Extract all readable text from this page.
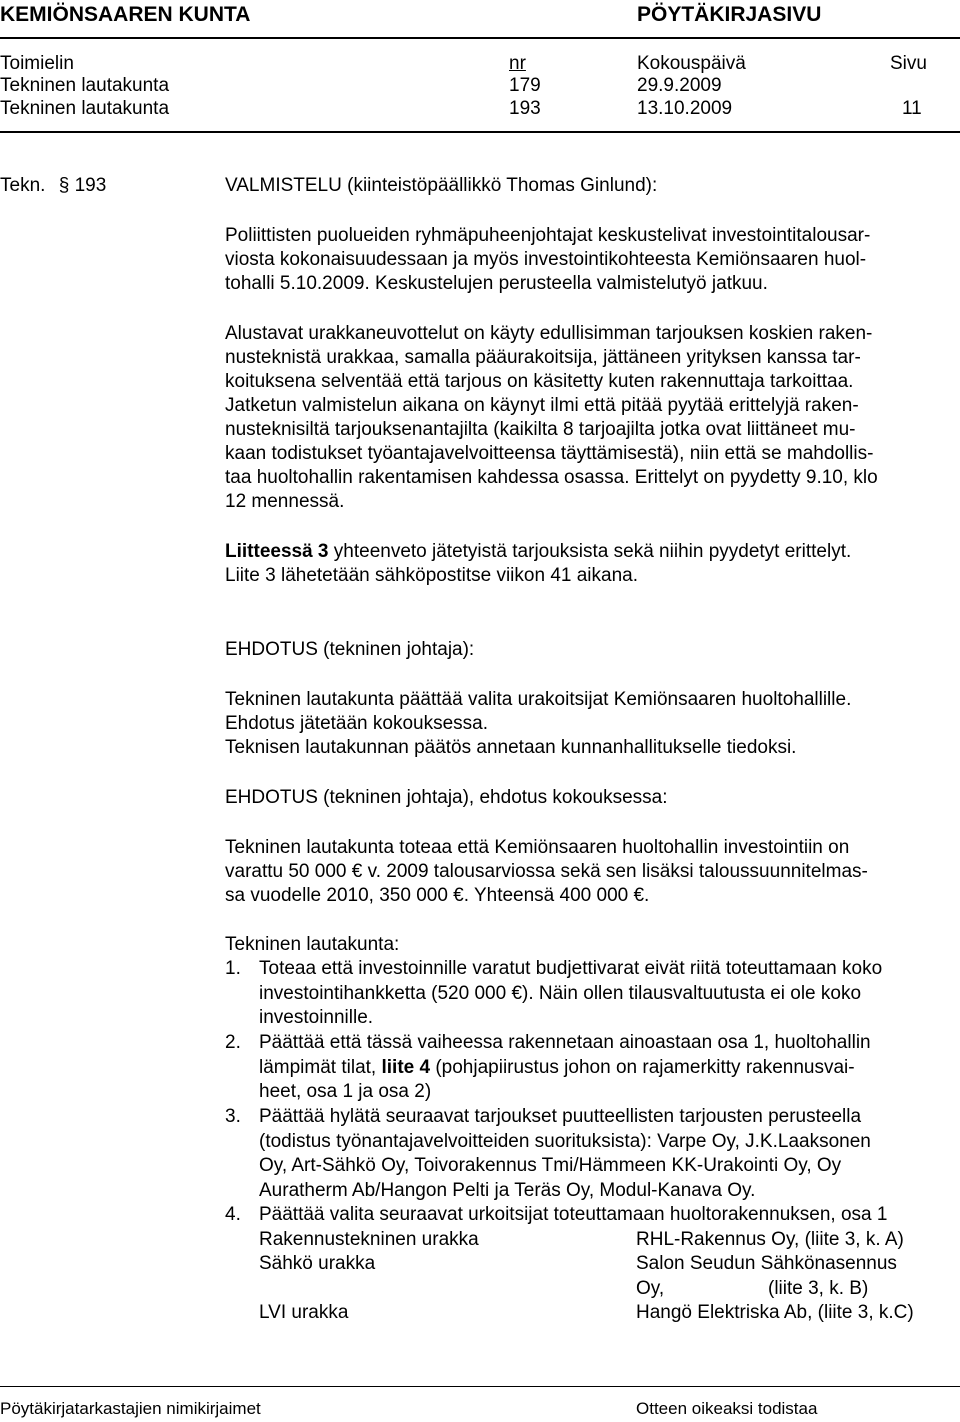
KEMIÖNSAAREN KUNTA	PÖYTÄKIRJASIVU
Toimielin	nr	Kokouspäivä	Sivu
Tekninen lautakunta	179	29.9.2009
Tekninen lautakunta	193	13.10.2009	11
Tekn. § 193	VALMISTELU (kiinteistöpäällikkö Thomas Ginlund):
Poliittisten puolueiden ryhmäpuheenjohtajat keskustelivat investointitalousar-
viosta kokonaisuudessaan ja myös investointikohteesta Kemiönsaaren huol-
tohalli 5.10.2009. Keskustelujen perusteella valmistelutyö jatkuu.
Alustavat urakkaneuvottelut on käyty edullisimman tarjouksen koskien raken-
nusteknistä urakkaa, samalla pääurakoitsija, jättäneen yrityksen kanssa tar-
koituksena selventää että tarjous on käsitetty kuten rakennuttaja tarkoittaa.
Jatketun valmistelun aikana on käynyt ilmi että pitää pyytää erittelyjä raken-
nusteknisiltä tarjouksenantajilta (kaikilta 8 tarjoajilta jotka ovat liittäneet mu-
kaan todistukset työantajavelvoitteensa täyttämisestä), niin että se mahdollis-
taa huoltohallin rakentamisen kahdessa osassa. Erittelyt on pyydetty 9.10, klo
12 mennessä.
Liitteessä 3 yhteenveto jätetyistä tarjouksista sekä niihin pyydetyt erittelyt.
Liite 3 lähetetään sähköpostitse viikon 41 aikana.
EHDOTUS (tekninen johtaja):
Tekninen lautakunta päättää valita urakoitsijat Kemiönsaaren huoltohallille.
Ehdotus jätetään kokouksessa.
Teknisen lautakunnan päätös annetaan kunnanhallitukselle tiedoksi.
EHDOTUS (tekninen johtaja), ehdotus kokouksessa:
Tekninen lautakunta toteaa että Kemiönsaaren huoltohallin investointiin on
varattu 50 000 € v. 2009 talousarviossa sekä sen lisäksi taloussuunnitelmas-
sa vuodelle 2010, 350 000 €. Yhteensä 400 000 €.
Tekninen lautakunta:
1. Toteaa että investoinnille varatut budjettivarat eivät riitä toteuttamaan koko
investointihankketta (520 000 €). Näin ollen tilausvaltuutusta ei ole koko
investoinnille.
2. Päättää että tässä vaiheessa rakennetaan ainoastaan osa 1, huoltohallin
lämpimät tilat, liite 4 (pohjapiirustus johon on rajamerkitty rakennusvai-
heet, osa 1 ja osa 2)
3. Päättää hylätä seuraavat tarjoukset puutteellisten tarjousten perusteella
(todistus työnantajavelvoitteiden suorituksista): Varpe Oy, J.K.Laaksonen
Oy, Art-Sähkö Oy, Toivorakennus Tmi/Hämmeen KK-Urakointi Oy, Oy
Auratherm Ab/Hangon Pelti ja Teräs Oy, Modul-Kanava Oy.
4. Päättää valita seuraavat urkoitsijat toteuttamaan huoltorakennuksen, osa 1
Rakennustekninen urakka	RHL-Rakennus Oy, (liite 3, k. A)
Sähkö urakka	Salon Seudun Sähkönasennus
Oy,	(liite 3, k. B)
LVI urakka	Hangö Elektriska Ab, (liite 3, k.C)
Pöytäkirjatarkastajien nimikirjaimet	Otteen oikeaksi todistaa
